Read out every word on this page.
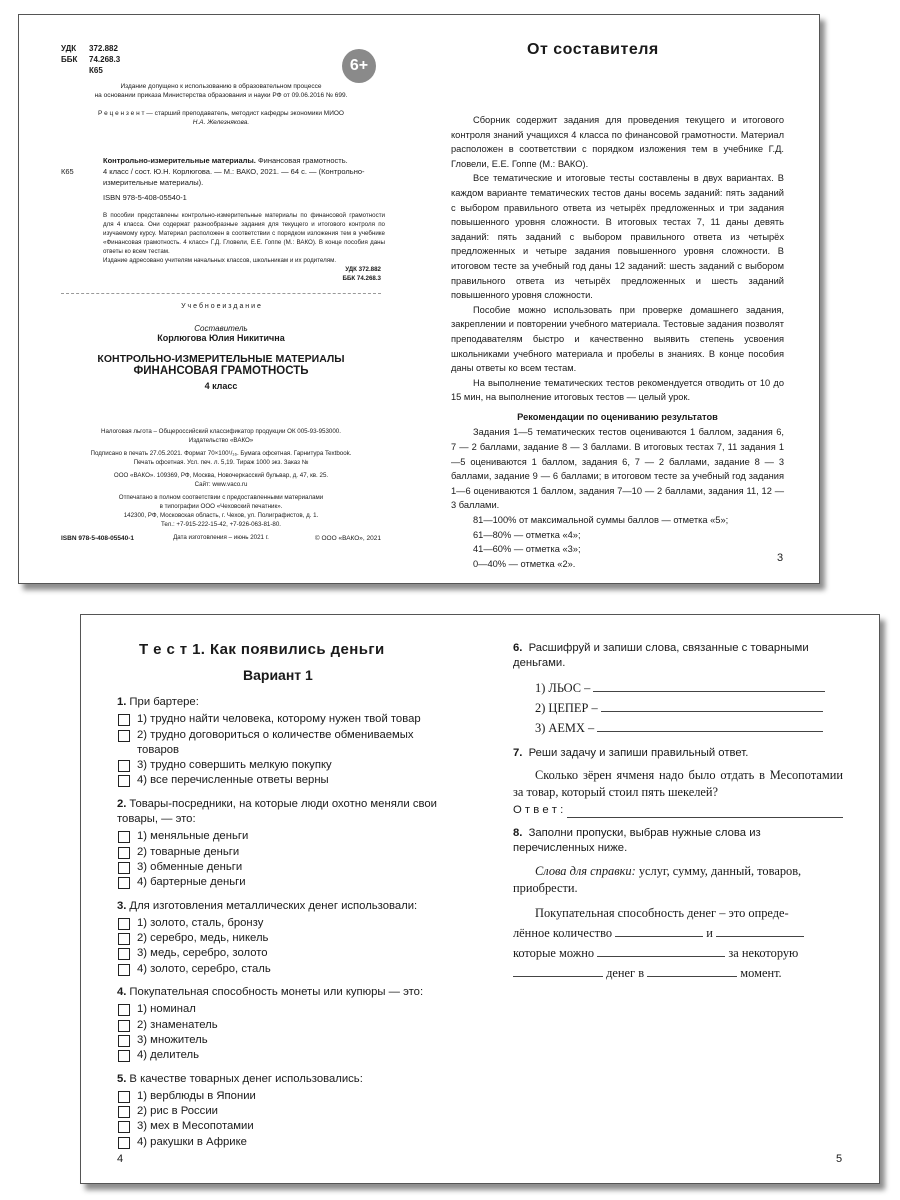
УДК 372.882
ББК 74.268.3
К65	6+
Издание допущено к использованию в образовательном процессе
на основании приказа Министерства образования и науки РФ от 09.06.2016 № 699.
Р е ц е н з е н т — старший преподаватель, методист кафедры экономики МИОО
Н.А. Железнякова.
Контрольно-измерительные материалы. Финансовая грамотность.
К65	4 класс / сост. Ю.Н. Корлюгова. — М.: ВАКО, 2021. — 64 с. — (Контрольно-измерительные материалы).
ISBN 978-5-408-05540-1
В пособии представлены контрольно-измерительные материалы по финансовой грамотности для 4 класса. Они содержат разнообразные задания для текущего и итогового контроля по изучаемому курсу. Материал расположен в соответствии с порядком изложения тем в учебнике «Финансовая грамотность. 4 класс» Г.Д. Гловели, Е.Е. Гоппе (М.: ВАКО). В конце пособия даны ответы ко всем тестам.
Издание адресовано учителям начальных классов, школьникам и их родителям.
УДК 372.882
ББК 74.268.3
У ч е б н о е и з д а н и е
Составитель
Корлюгова Юлия Никитична
КОНТРОЛЬНО-ИЗМЕРИТЕЛЬНЫЕ МАТЕРИАЛЫ
ФИНАНСОВАЯ ГРАМОТНОСТЬ
4 класс
Налоговая льгота – Общероссийский классификатор продукции ОК 005-93-953000.
Издательство «ВАКО»
Подписано в печать 27.05.2021. Формат 70×100¹/₁₆. Бумага офсетная. Гарнитура Textbook.
Печать офсетная. Усл. печ. л. 5,19. Тираж 1000 экз. Заказ №
ООО «ВАКО». 109369, РФ, Москва, Новочеркасский бульвар, д. 47, кв. 25.
Сайт: www.vaco.ru
Отпечатано в полном соответствии с предоставленными материалами
в типографии ООО «Чеховский печатник».
142300, РФ, Московская область, г. Чехов, ул. Полиграфистов, д. 1.
Тел.: +7-915-222-15-42, +7-926-063-81-80.
Дата изготовления – июнь 2021 г.
ISBN 978-5-408-05540-1	© ООО «ВАКО», 2021
От составителя

Сборник содержит задания для проведения текущего и итогового контроля знаний учащихся 4 класса по финансовой грамотности. Материал расположен в соответствии с порядком изложения тем в учебнике Г.Д. Гловели, Е.Е. Гоппе (М.: ВАКО).

Все тематические и итоговые тесты составлены в двух вариантах. В каждом варианте тематических тестов даны восемь заданий: пять заданий с выбором правильного ответа из четырёх предложенных и три задания повышенного уровня сложности. В итоговых тестах 7, 11 даны девять заданий: пять заданий с выбором правильного ответа из четырёх предложенных и четыре задания повышенного уровня сложности. В итоговом тесте за учебный год даны 12 заданий: шесть заданий с выбором правильного ответа из четырёх предложенных и шесть заданий повышенного уровня сложности.

Пособие можно использовать при проверке домашнего задания, закреплении и повторении учебного материала. Тестовые задания позволят преподавателям быстро и качественно выявить степень усвоения школьниками учебного материала и пробелы в знаниях. В конце пособия даны ответы ко всем тестам.

На выполнение тематических тестов рекомендуется отводить от 10 до 15 мин, на выполнение итоговых тестов — целый урок.

Рекомендации по оцениванию результатов

Задания 1—5 тематических тестов оцениваются 1 баллом, задания 6, 7 — 2 баллами, задание 8 — 3 баллами. В итоговых тестах 7, 11 задания 1—5 оцениваются 1 баллом, задания 6, 7 — 2 баллами, задание 8 — 3 баллами, задание 9 — 6 баллами; в итоговом тесте за учебный год задания 1—6 оцениваются 1 баллом, задания 7—10 — 2 баллами, задания 11, 12 — 3 баллами.

81—100% от максимальной суммы баллов — отметка «5»;

61—80% — отметка «4»;

41—60% — отметка «3»;

0—40% — отметка «2».	3
Т е с т 1. Как появились деньги
Вариант 1
1. При бартере:
1) трудно найти человека, которому нужен твой товар
2) трудно договориться о количестве обмениваемых товаров
3) трудно совершить мелкую покупку
4) все перечисленные ответы верны
2. Товары-посредники, на которые люди охотно меняли свои товары, — это:
1) меняльные деньги
2) товарные деньги
3) обменные деньги
4) бартерные деньги
3. Для изготовления металлических денег использовали:
1) золото, сталь, бронзу
2) серебро, медь, никель
3) медь, серебро, золото
4) золото, серебро, сталь
4. Покупательная способность монеты или купюры — это:
1) номинал
2) знаменатель
3) множитель
4) делитель
5. В качестве товарных денег использовались:
1) верблюды в Японии
2) рис в России
3) мех в Месопотамии
4) ракушки в Африке
6. Расшифруй и запиши слова, связанные с товарными деньгами.
1) ЛЬОС –
2) ЦЕПЕР –
3) АЕМХ –
7. Реши задачу и запиши правильный ответ.
Сколько зёрен ячменя надо было отдать в Месопотамии за товар, который стоил пять шекелей?
О т в е т :
8. Заполни пропуски, выбрав нужные слова из перечисленных ниже.
Слова для справки: услуг, сумму, данный, товаров, приобрести.
Покупательная способность денег – это опреде-
лённое количество	и
которые можно	за некоторую
денег в	момент.
4	5
